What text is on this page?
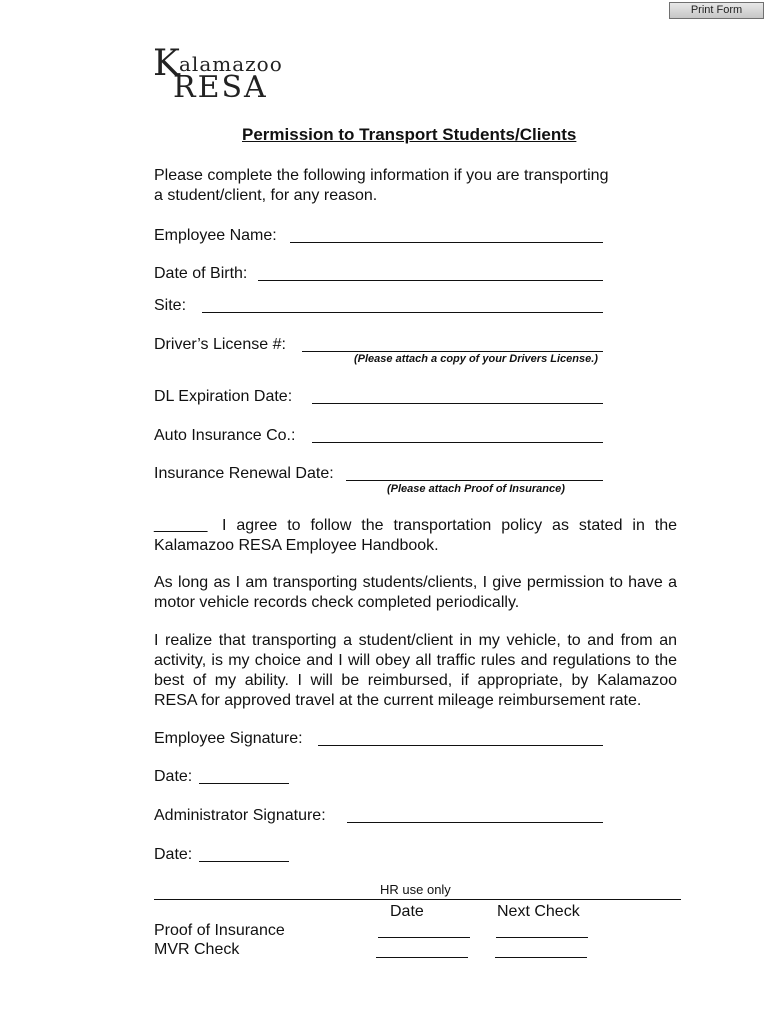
Print Form
K alamazoo
RESA
Permission to Transport Students/Clients
Please complete the following information if you are transporting
a student/client, for any reason.
Employee Name:
Date of Birth:
Site:
Driver’s License #:
(Please attach a copy of your Drivers License.)
DL Expiration Date:
Auto Insurance Co.:
Insurance Renewal Date:
(Please attach Proof of Insurance)
______ I agree to follow the transportation policy as stated in the
Kalamazoo RESA Employee Handbook.
As long as I am transporting students/clients, I give permission to have a motor vehicle records check completed periodically.
I realize that transporting a student/client in my vehicle, to and from an activity, is my choice and I will obey all traffic rules and regulations to the best of my ability. I will be reimbursed, if appropriate, by Kalamazoo RESA for approved travel at the current mileage reimbursement rate.
Employee Signature:
Date:
Administrator Signature:
Date:
HR use only
Date	Next Check
Proof of Insurance
MVR Check
